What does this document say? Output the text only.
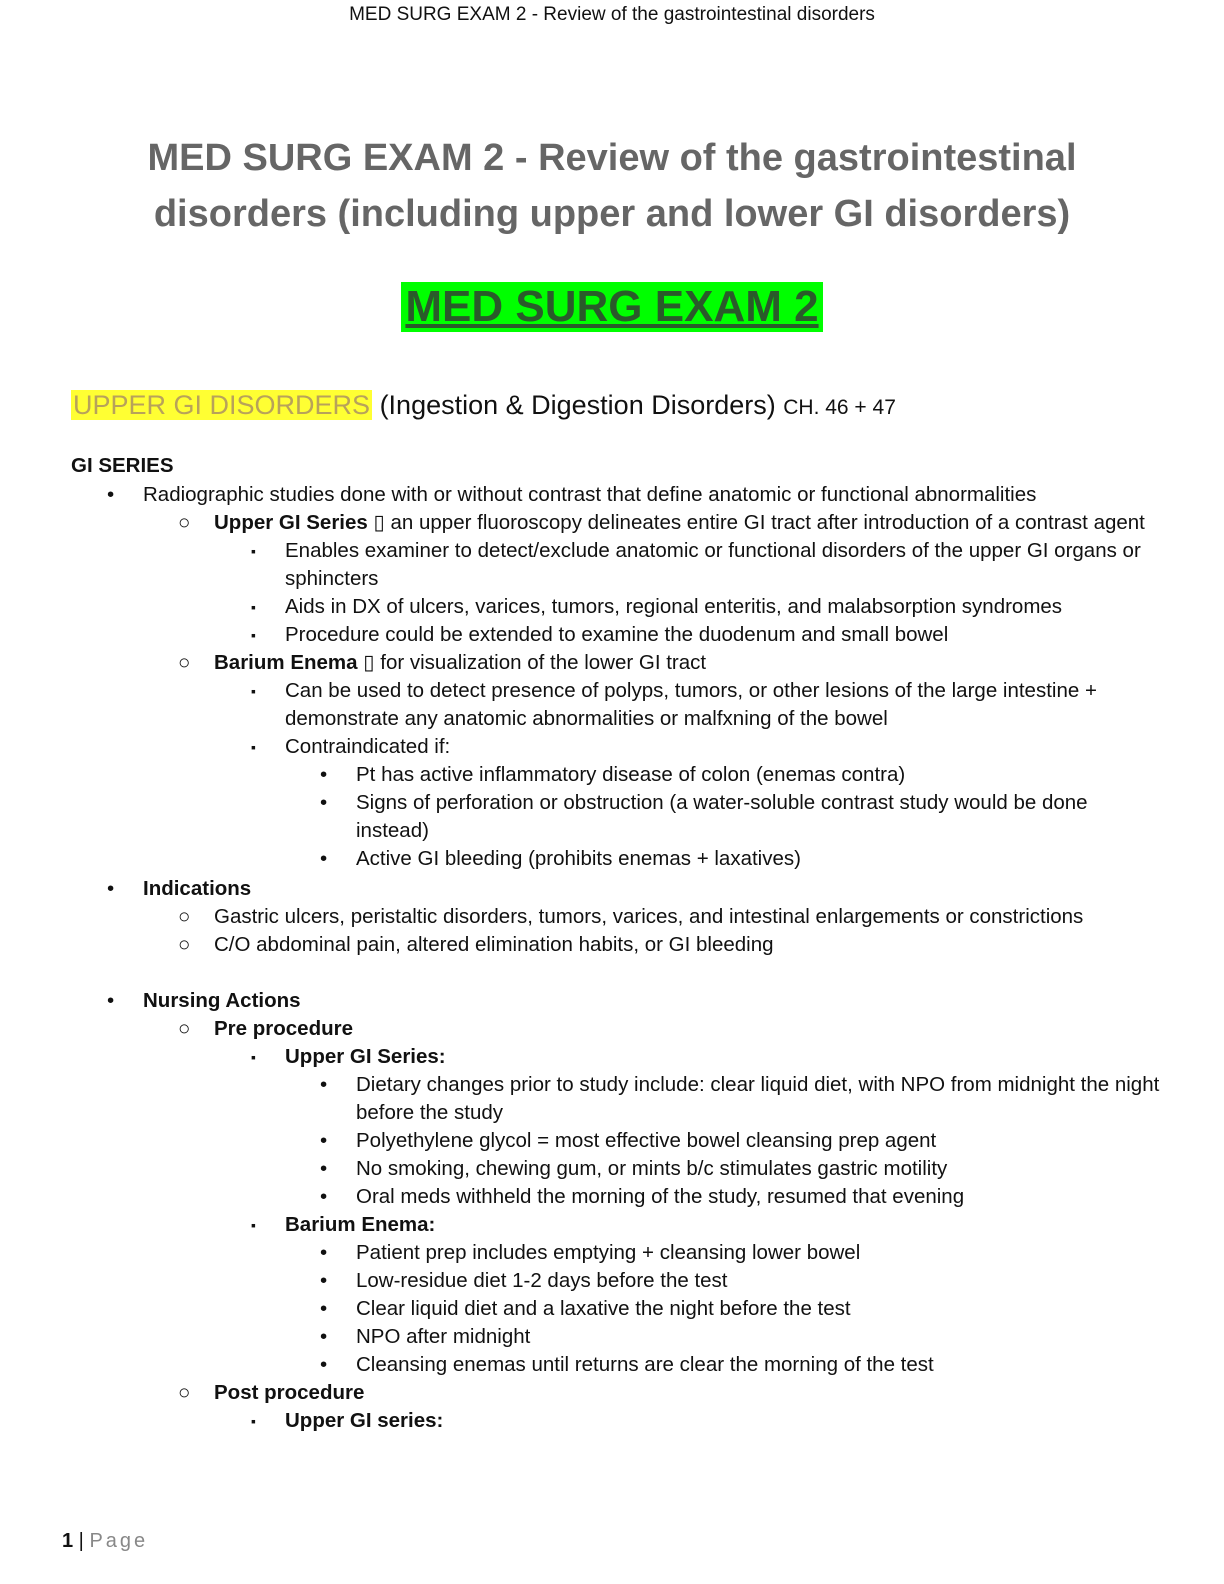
MED SURG EXAM 2 - Review of the gastrointestinal disorders
MED SURG EXAM 2 - Review of the gastrointestinal
disorders (including upper and lower GI disorders)
MED SURG EXAM 2
UPPER GI DISORDERS (Ingestion & Digestion Disorders) CH. 46 + 47
GI SERIES
• Radiographic studies done with or without contrast that define anatomic or functional abnormalities
○ Upper GI Series ▯ an upper fluoroscopy delineates entire GI tract after introduction of a contrast agent
▪ Enables examiner to detect/exclude anatomic or functional disorders of the upper GI organs or sphincters
▪ Aids in DX of ulcers, varices, tumors, regional enteritis, and malabsorption syndromes
▪ Procedure could be extended to examine the duodenum and small bowel
○ Barium Enema ▯ for visualization of the lower GI tract
▪ Can be used to detect presence of polyps, tumors, or other lesions of the large intestine + demonstrate any anatomic abnormalities or malfxning of the bowel
▪ Contraindicated if:
• Pt has active inflammatory disease of colon (enemas contra)
• Signs of perforation or obstruction (a water-soluble contrast study would be done instead)
• Active GI bleeding (prohibits enemas + laxatives)
• Indications
○ Gastric ulcers, peristaltic disorders, tumors, varices, and intestinal enlargements or constrictions
○ C/O abdominal pain, altered elimination habits, or GI bleeding
• Nursing Actions
○ Pre procedure
▪ Upper GI Series:
• Dietary changes prior to study include: clear liquid diet, with NPO from midnight the night before the study
• Polyethylene glycol = most effective bowel cleansing prep agent
• No smoking, chewing gum, or mints b/c stimulates gastric motility
• Oral meds withheld the morning of the study, resumed that evening
▪ Barium Enema:
• Patient prep includes emptying + cleansing lower bowel
• Low-residue diet 1-2 days before the test
• Clear liquid diet and a laxative the night before the test
• NPO after midnight
• Cleansing enemas until returns are clear the morning of the test
○ Post procedure
▪ Upper GI series:
1 | Page
